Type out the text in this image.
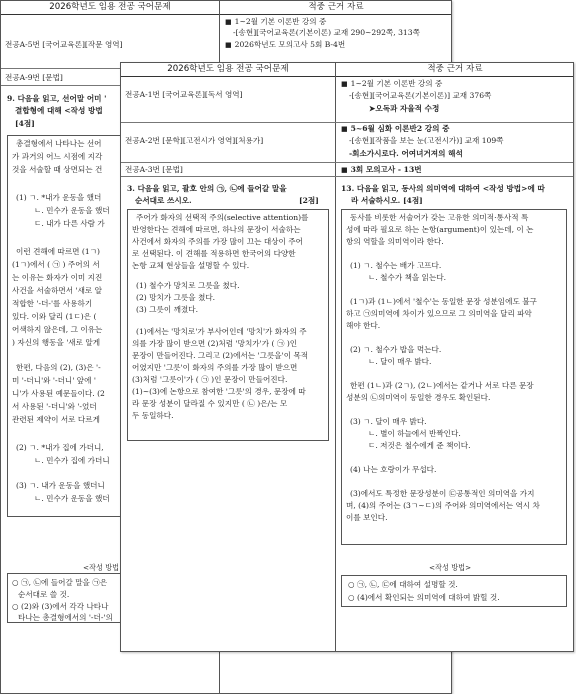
2026학년도 임용 전공 국어문제	적중 근거 자료
전공A-5번 [국어교육론][작문 영역]
■ 1~2월 기본 이론반 강의 중
-[송현][국어교육론(기본이론) 교재 290~292쪽, 313쪽
■ 2026학년도 모의고사 5회 B-4번
전공A-9번 [문법]
9. 다음을 읽고, 선어말 어미 '
결합형에 대해 <작성 방법
[4점]
총결형에서 나타나는 선어
가 과거의 어느 시점에 지각
것을 서술할 때 상면되는 건
(1) ㄱ. *내가 운동을 했더
ㄴ. 민수가 운동을 했더
ㄷ. 내가 다른 사람 가
이런 견해에 따르면 (1ㄱ)
(1ㄱ)에서 ( ㉠ ) 주어의 서
는 이유는 화자가 이미 지진
사건을 서술하면서 '새로 알
적합한 '-더-'를 사용하기
있다. 이와 달리 (1ㄷ)은 (
어색하지 않은데, 그 이유는
) 자신의 행동을 '새로 알게
한편, 다음의 (2), (3)은 '-
미 '-더니'와 '-더니' 앞에 '
니'가 사용된 예문들이다. (2
서 사용된 '-더니'와 '-었더
관련된 제약이 서로 다르게
(2) ㄱ. *내가 집에 가더니,
ㄴ. 민수가 집에 가더니
(3) ㄱ. 내가 운동을 했더니
ㄴ. 민수가 운동을 했더
<작성 방법
○ ㉠, ㉡에 들어갈 말을 ㉠은
순서대로 쓸 것.
○ (2)와 (3)에서 각각 나타나
타나는 총결형에서의 '-더-'의
2026학년도 임용 전공 국어문제	적중 근거 자료
전공A-1번 [국어교육론][독서 영역]
■ 1~2월 기본 이론반 강의 중
-[송현][국어교육론(기본이론)] 교재 376쪽
➤오독과 자율적 수정
전공A-2번 [문학][고전시가 영역][처용가]
■ 5~6월 심화 이론반2 강의 중
-[송현][작품을 보는 눈(고전시가)] 교재 109쪽
-회소가시로다. 어여녀거져의 해석
전공A-3번 [문법]
■	3회 모의고사 - 13번
3. 다음을 읽고, 괄호 안의 ㉠, ㉡에 들어갈 말을
순서대로 쓰시오.	[2점]
주어가 화자의 선택적 주의(selective attention)를
반영한다는 견해에 따르면, 하나의 문장이 서술하는
사건에서 화자의 주의를 가장 많이 끄는 대상이 주어
로 선택된다. 이 견해를 적용하면 한국어의 다양한
논항 교체 현상들을 설명할 수 있다.
(1) 철수가 망치로 그릇을 쳤다.
(2) 망치가 그릇을 쳤다.
(3) 그릇이 깨졌다.
(1)에서는 '망치로'가 부사어인데 '망치'가 화자의 주
의를 가장 많이 받으면 (2)처럼 '망치가'가 ( ㉠ )인
문장이 만들어진다. 그리고 (2)에서는 '그릇을'이 목적
어였지만 '그릇'이 화자의 주의를 가장 많이 받으면
(3)처럼 '그릇이'가 ( ㉠ )인 문장이 만들어진다.
(1)~(3)에 논항으로 참여한 '그릇'의 경우, 문장에 따
라 문장 성분이 달라질 수 있지만 ( ㉡ )은/는 모
두 동일하다.
13. 다음을 읽고, 동사의 의미역에 대하여 <작성 방법>에 따
라 서술하시오. [4점]
동사를 비롯한 서술어가 갖는 고유한 의미적·통사적 특
성에 따라 필요로 하는 논항(argument)이 있는데, 이 논
항의 역할을 의미역이라 한다.
(1) ㄱ. 철수는 배가 고프다.
ㄴ. 철수가 책을 읽는다.
(1ㄱ)과 (1ㄴ)에서 '철수'는 동일한 문장 성분임에도 불구
하고 ㉠의미역에 차이가 있으므로 그 의미역을 달리 파악
해야 한다.
(2) ㄱ. 철수가 밥을 먹는다.
ㄴ. 달이 매우 밝다.
한편 (1ㄴ)과 (2ㄱ), (2ㄴ)에서는 같거나 서로 다른 문장
성분의 ㉡의미역이 동일한 경우도 확인된다.
(3) ㄱ. 달이 매우 밝다.
ㄴ. 별이 하늘에서 반짝인다.
ㄷ. 저것은 철수에게 준 책이다.
(4) 나는 호랑이가 무섭다.
(3)에서도 특정한 문장성분이 ㉢공통적인 의미역을 가지
며, (4)의 주어는 (3ㄱ~ㄷ)의 주어와 의미역에서는 역시 차
이를 보인다.
<작성 방법>
○ ㉠, ㉡, ㉢에 대하여 설명할 것.
○ (4)에서 확인되는 의미역에 대하여 밝힐 것.
